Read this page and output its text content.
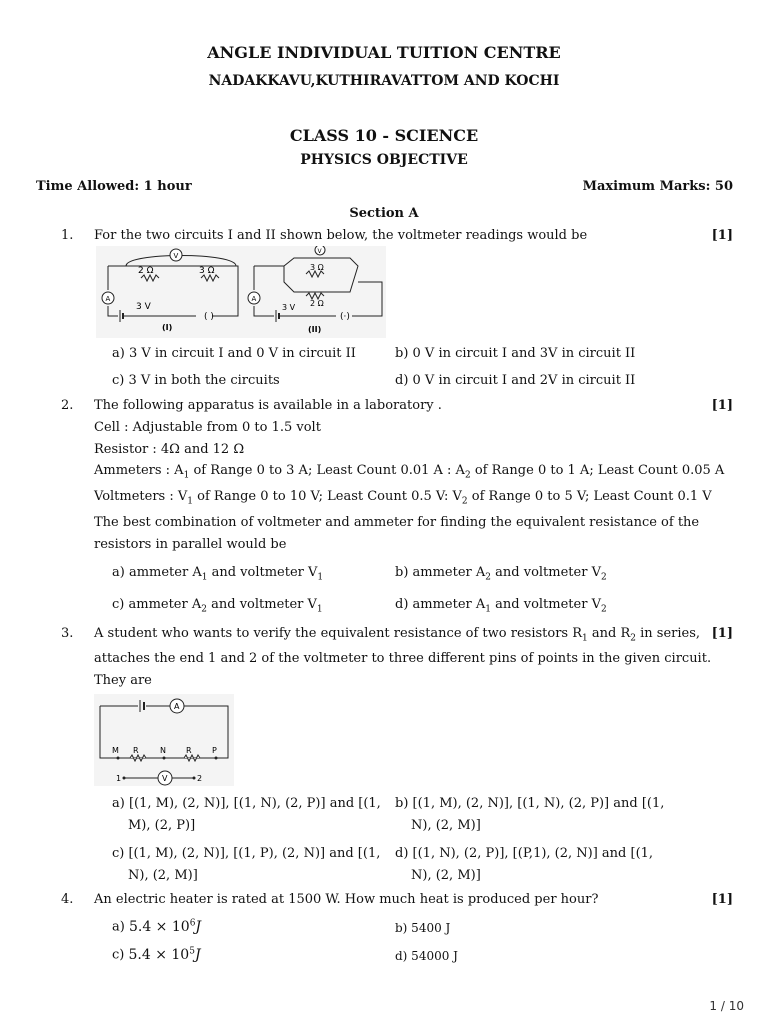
ANGLE INDIVIDUAL TUITION CENTRE
NADAKKAVU,KUTHIRAVATTOM AND KOCHI
CLASS 10 - SCIENCE
PHYSICS OBJECTIVE
Time Allowed: 1 hour	Maximum Marks: 50
Section A
1. For the two circuits I and II shown below, the voltmeter readings would be	[1]
A
V
2 Ω	3 Ω
3 V
( )
(I)
A
V
3 Ω
2 Ω
3 V
(·)
(II)
a) 3 V in circuit I and 0 V in circuit II	b) 0 V in circuit I and 3V in circuit II
c) 3 V in both the circuits	d) 0 V in circuit I and 2V in circuit II
2. The following apparatus is available in a laboratory .	[1]
Cell : Adjustable from 0 to 1.5 volt
Resistor : 4Ω and 12 Ω
Ammeters : $A_1$ of Range 0 to 3 A; Least Count 0.01 A : $A_2$ of Range 0 to 1 A; Least Count 0.05 A
Voltmeters : $V_1$ of Range 0 to 10 V; Least Count 0.5 V: $V_2$ of Range 0 to 5 V; Least Count 0.1 V
The best combination of voltmeter and ammeter for finding the equivalent resistance of the
resistors in parallel would be
a) ammeter $A_1$ and voltmeter $V_1$	b) ammeter $A_2$ and voltmeter $V_2$
c) ammeter $A_2$ and voltmeter $V_1$	d) ammeter $A_1$ and voltmeter $V_2$
3. A student who wants to verify the equivalent resistance of two resistors $R_1$ and $R_2$ in series, [1]
attaches the end 1 and 2 of the voltmeter to three different pins of points in the given circuit.
They are
A
V
M R	N	R	P
1	2
a) [(1, M), (2, N)], [(1, N), (2, P)] and [(1,
M), (2, P)]
b) [(1, M), (2, N)], [(1, N), (2, P)] and [(1,
N), (2, M)]
c) [(1, M), (2, N)], [(1, P), (2, N)] and [(1,
N), (2, M)]
d) [(1, N), (2, P)], [(P,1), (2, N)] and [(1,
N), (2, M)]
4. An electric heater is rated at 1500 W. How much heat is produced per hour?	[1]
a) $5.4 \times 10^6J$	b) 5400 J
c) $5.4 \times 10^5J$	d) 54000 J
1 / 10
